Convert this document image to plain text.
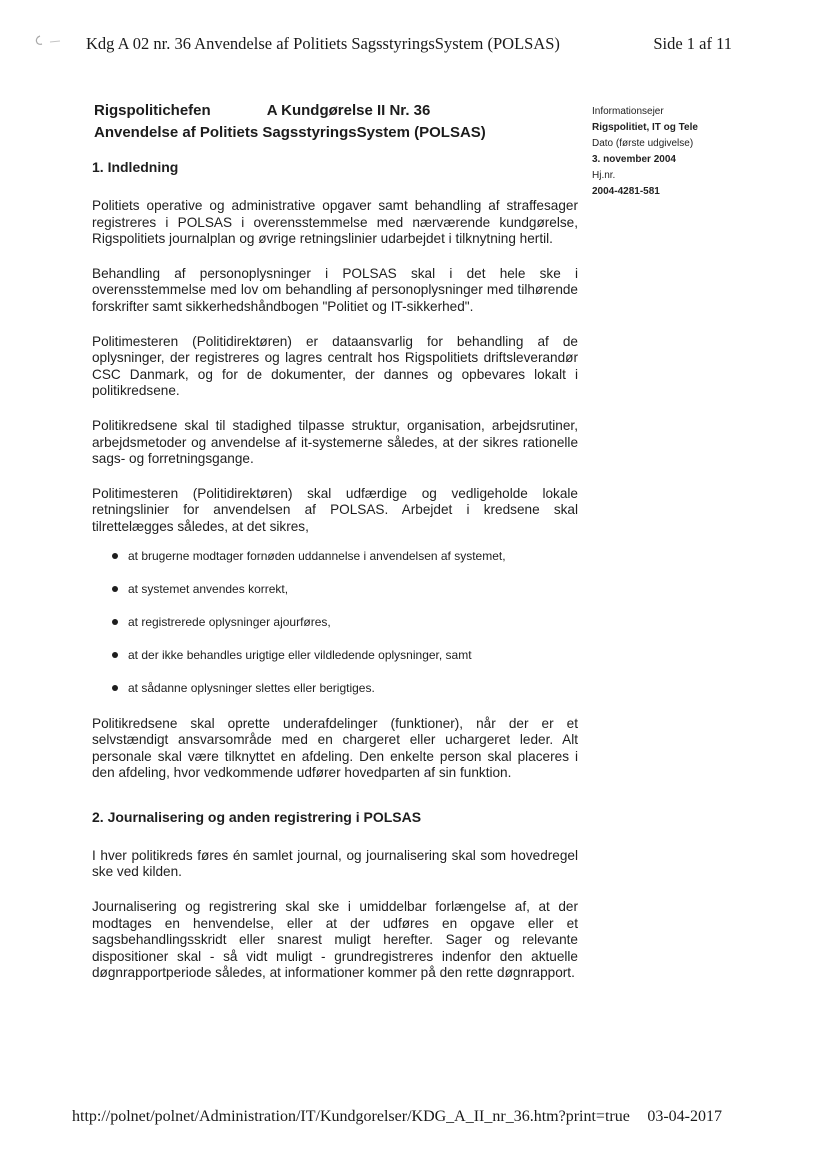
Kdg A 02 nr. 36 Anvendelse af Politiets SagsstyringsSystem (POLSAS)	Side 1 af 11
Rigspolitichefen	A Kundgørelse II Nr. 36
Anvendelse af Politiets SagsstyringsSystem (POLSAS)
Informationsejer
Rigspolitiet, IT og Tele
Dato (første udgivelse)
3. november 2004
Hj.nr.
2004-4281-581
1. Indledning

Politiets operative og administrative opgaver samt behandling af straffesager registreres i POLSAS i overensstemmelse med nærværende kundgørelse, Rigspolitiets journalplan og øvrige retningslinier udarbejdet i tilknytning hertil.

Behandling af personoplysninger i POLSAS skal i det hele ske i overensstemmelse med lov om behandling af personoplysninger med tilhørende forskrifter samt sikkerhedshåndbogen "Politiet og IT-sikkerhed".

Politimesteren (Politidirektøren) er dataansvarlig for behandling af de oplysninger, der registreres og lagres centralt hos Rigspolitiets driftsleverandør CSC Danmark, og for de dokumenter, der dannes og opbevares lokalt i politikredsene.

Politikredsene skal til stadighed tilpasse struktur, organisation, arbejdsrutiner, arbejdsmetoder og anvendelse af it-systemerne således, at der sikres rationelle sags- og forretningsgange.

Politimesteren (Politidirektøren) skal udfærdige og vedligeholde lokale retningslinier for anvendelsen af POLSAS. Arbejdet i kredsene skal tilrettelægges således, at det sikres,

at brugerne modtager fornøden uddannelse i anvendelsen af systemet,
at systemet anvendes korrekt,
at registrerede oplysninger ajourføres,
at der ikke behandles urigtige eller vildledende oplysninger, samt
at sådanne oplysninger slettes eller berigtiges.

Politikredsene skal oprette underafdelinger (funktioner), når der er et selvstændigt ansvarsområde med en chargeret eller uchargeret leder. Alt personale skal være tilknyttet en afdeling. Den enkelte person skal placeres i den afdeling, hvor vedkommende udfører hovedparten af sin funktion.

2. Journalisering og anden registrering i POLSAS

I hver politikreds føres én samlet journal, og journalisering skal som hovedregel ske ved kilden.

Journalisering og registrering skal ske i umiddelbar forlængelse af, at der modtages en henvendelse, eller at der udføres en opgave eller et sagsbehandlingsskridt eller snarest muligt herefter. Sager og relevante dispositioner skal - så vidt muligt - grundregistreres indenfor den aktuelle døgnrapportperiode således, at informationer kommer på den rette døgnrapport.

http://polnet/polnet/Administration/IT/Kundgorelser/KDG_A_II_nr_36.htm?print=true 03-04-2017
